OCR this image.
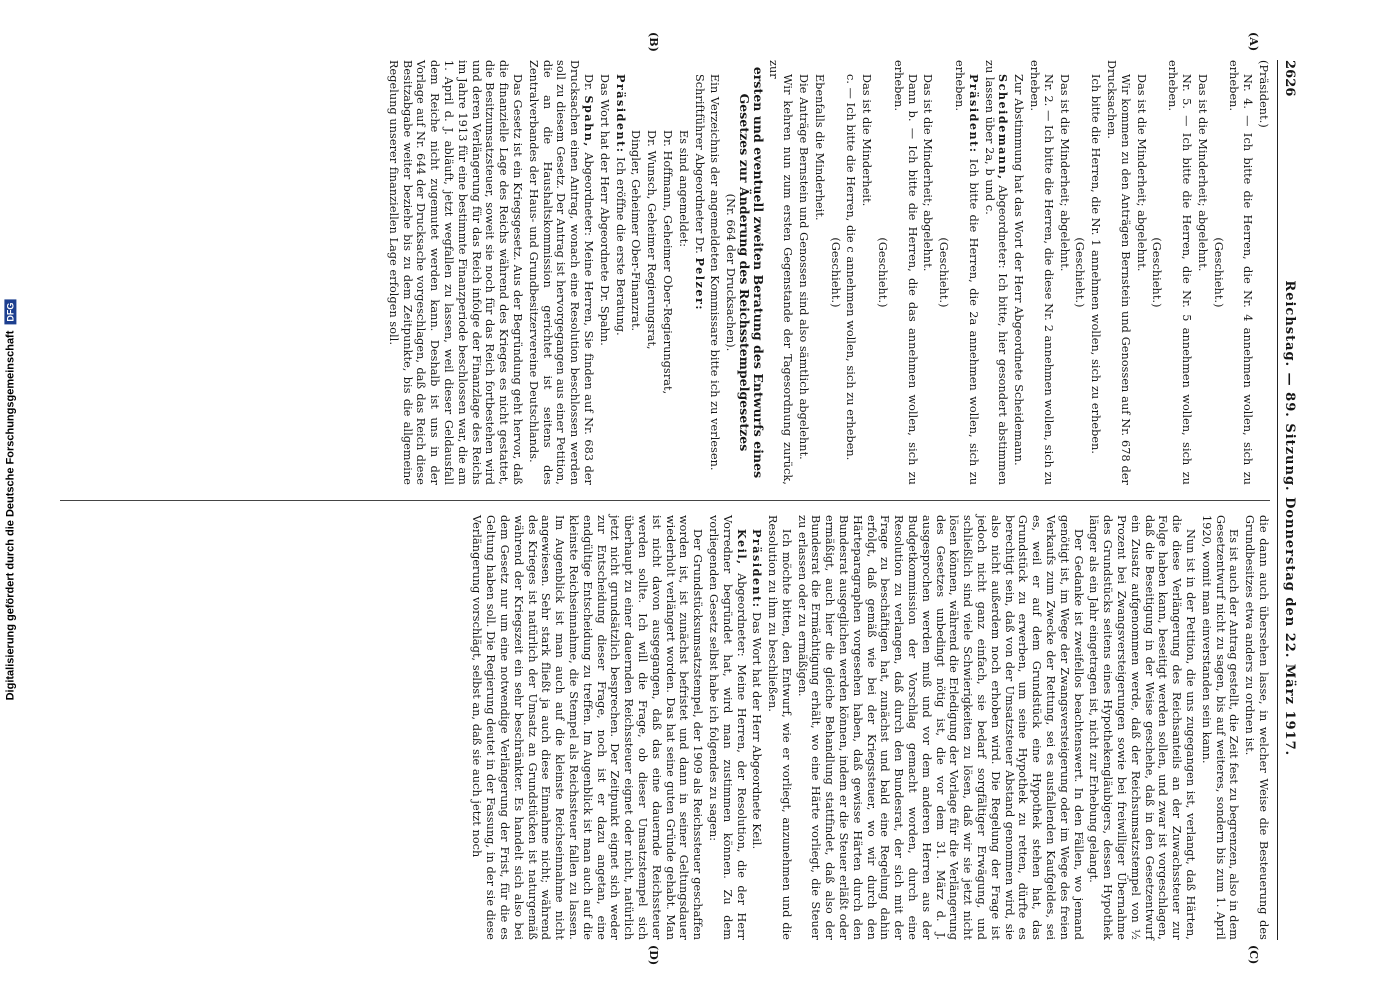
Digitalisierung gefördert durch die Deutsche Forschungsgemeinschaft
DFG
2626
Reichstag. — 89. Sitzung. Donnerstag den 22. März 1917.
(A)
(B)
(C)
(D)

(Präsident.)

Nr. 4. — Ich bitte die Herren, die Nr. 4 annehmen wollen, sich zu erheben.

(Geschieht.)

Das ist die Minderheit; abgelehnt.

Nr. 5. — Ich bitte die Herren, die Nr. 5 annehmen wollen, sich zu erheben.

(Geschieht.)

Das ist die Minderheit; abgelehnt.

Wir kommen zu den Anträgen Bernstein und Genossen auf Nr. 678 der Drucksachen.

Ich bitte die Herren, die Nr. 1 annehmen wollen, sich zu erheben.

(Geschieht.)

Das ist die Minderheit; abgelehnt.

Nr. 2. — Ich bitte die Herren, die diese Nr. 2 annehmen wollen, sich zu erheben.

Zur Abstimmung hat das Wort der Herr Abgeordnete Scheidemann.

Scheidemann, Abgeordneter: Ich bitte, hier gesondert abstimmen zu lassen über 2a, b und c.

Präsident: Ich bitte die Herren, die 2a annehmen wollen, sich zu erheben.

(Geschieht.)

Das ist die Minderheit; abgelehnt.

Dann b. — Ich bitte die Herren, die das annehmen wollen, sich zu erheben.

(Geschieht.)

Das ist die Minderheit.

c. — Ich bitte die Herren, die c annehmen wollen, sich zu erheben.

(Geschieht.)

Ebenfalls die Minderheit.

Die Anträge Bernstein und Genossen sind also sämtlich abgelehnt.

Wir kehren nun zum ersten Gegenstande der Tagesordnung zurück, zur

ersten und eventuell zweiten Beratung des Entwurfs eines Gesetzes zur Änderung des Reichsstempelgesetzes

(Nr. 664 der Drucksachen).

Ein Verzeichnis der angemeldeten Kommissare bitte ich zu verlesen.

Schriftführer Abgeordneter Dr. Pelzer:

Es sind angemeldet:

Dr. Hoffmann, Geheimer Ober-Regierungsrat,

Dr. Wunsch, Geheimer Regierungsrat,

Dingler, Geheimer Ober-Finanzrat.

Präsident: Ich eröffne die erste Beratung.

Das Wort hat der Herr Abgeordnete Dr. Spahn.

Dr. Spahn, Abgeordneter: Meine Herren, Sie finden auf Nr. 683 der Drucksachen einen Antrag, wonach eine Resolution beschlossen werden soll zu diesem Gesetz. Der Antrag ist hervorgegangen aus einer Petition, die an die Haushaltskommission gerichtet ist seitens des Zentralverbandes der Haus- und Grundbesitzervereine Deutschlands.

Das Gesetz ist ein Kriegsgesetz. Aus der Begründung geht hervor, daß die finanzielle Lage des Reichs während des Krieges es nicht gestattet, die Besitzumsatzsteuer, soweit sie noch für das Reich fortbestehen wird und deren Verlängerung für das Reich infolge der Finanzlage des Reichs im Jahre 1913 für eine bestimmte Finanzperiode beschlossen war, die am 1. April d. J. abläuft, jetzt wegfallen zu lassen, weil dieser Geldausfall dem Reiche nicht zugemutet werden kann. Deshalb ist uns in der Vorlage auf Nr. 644 der Drucksache vorgeschlagen, daß das Reich diese Besitzabgabe weiter beziehe bis zu dem Zeitpunkte, bis die allgemeine Regelung unserer finanziellen Lage erfolgen soll.

die dann auch übersehen lasse, in welcher Weise die Besteuerung des Grundbesitzes etwa anders zu ordnen ist.

Es ist auch der Antrag gestellt, die Zeit fest zu begrenzen, also in dem Gesetzentwurf nicht zu sagen, bis auf weiteres, sondern bis zum 1. April 1920, womit man einverstanden sein kann.

Nun ist in der Petition, die uns zugegangen ist, verlangt, daß Härten, die diese Verlängerung des Reichsanteils an der Zuwachssteuer zur Folge haben kann, beseitigt werden sollen, und zwar ist vorgeschlagen, daß die Beseitigung in der Weise geschehe, daß in den Gesetzentwurf ein Zusatz aufgenommen werde, daß der Reichsumsatzstempel von ½ Prozent bei Zwangsversteigerungen sowie bei freiwilliger Übernahme des Grundstücks seitens eines Hypothekengläubigers, dessen Hypothek länger als ein Jahr eingetragen ist, nicht zur Erhebung gelangt.

Der Gedanke ist zweifellos beachtenswert. In den Fällen, wo jemand genötigt ist, im Wege der Zwangsversteigerung oder im Wege des freien Verkaufs zum Zwecke der Rettung, sei es ausfallenden Kaufgeldes, sei es, weil er auf dem Grundstück eine Hypothek stehen hat, das Grundstück zu erwerben, um seine Hypothek zu retten, dürfte es berechtigt sein, daß von der Umsatzsteuer Abstand genommen wird, sie also nicht außerdem noch erhoben wird. Die Regelung der Frage ist jedoch nicht ganz einfach, sie bedarf sorgfältiger Erwägung, und schließlich sind viele Schwierigkeiten zu lösen, daß wir sie jetzt nicht lösen können, während die Erledigung der Vorlage für die Verlängerung des Gesetzes unbedingt nötig ist, die vor dem 31. März d. J. ausgesprochen werden muß und vor dem anderen Herren aus der Budgetkommission der Vorschlag gemacht worden, durch eine Resolution zu verlangen, daß durch den Bundesrat, der sich mit der Frage zu beschäftigen hat, zunächst und bald eine Regelung dahin erfolgt, daß gemäß wie bei der Kriegssteuer, wo wir durch den Härteparagraphen vorgesehen haben, daß gewisse Härten durch den Bundesrat ausgeglichen werden können, indem er die Steuer erläßt oder ermäßigt, auch hier die gleiche Behandlung stattfindet, daß also der Bundesrat die Ermächtigung erhält, wo eine Härte vorliegt, die Steuer zu erlassen oder zu ermäßigen.

Ich möchte bitten, den Entwurf, wie er vorliegt, anzunehmen und die Resolution zu ihm zu beschließen.

Präsident: Das Wort hat der Herr Abgeordnete Keil.

Keil, Abgeordneter: Meine Herren, der Resolution, die der Herr Vorredner begründet hat, wird man zustimmen können. Zu dem vorliegenden Gesetz selbst habe ich folgendes zu sagen:

Der Grundstücksumsatzstempel, der 1909 als Reichssteuer geschaffen worden ist, ist zunächst befristet und dann in seiner Geltungsdauer wiederholt verlängert worden. Das hat seine guten Gründe gehabt. Man ist nicht davon ausgegangen, daß das eine dauernde Reichssteuer werden sollte. Ich will die Frage, ob dieser Umsatzstempel sich überhaupt zu einer dauernden Reichssteuer eignet oder nicht, natürlich jetzt nicht grundsätzlich besprechen. Der Zeitpunkt eignet sich weder zur Entscheidung dieser Frage, noch ist er dazu angetan, eine endgültige Entscheidung zu treffen. Im Augenblick ist man auch auf die kleinste Reichseinnahme, die Stempel als Reichssteuer fallen zu lassen. Im Augenblick ist man auch auf die kleinste Reichseinnahme nicht angewiesen. Sehr stark fließt ja auch diese Einnahme nicht; während des Krieges ist natürlich der Umsatz an Grundstücken ist naturgemäß während der Kriegszeit ein sehr beschränkter. Es handelt sich also bei dem Gesetz nur um eine notwendige Verlängerung der Frist, für die es Geltung haben soll. Die Regierung deutet in der Fassung, in der sie diese Verlängerung vorschlägt, selbst an, daß sie auch jetzt noch
